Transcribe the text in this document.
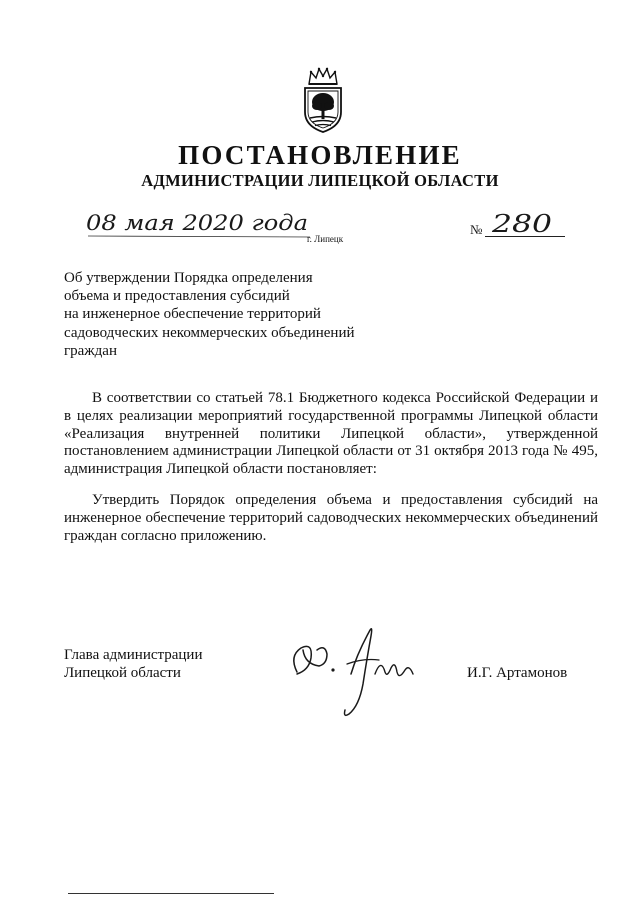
ПОСТАНОВЛЕНИЕ
АДМИНИСТРАЦИИ ЛИПЕЦКОЙ ОБЛАСТИ
08 мая 2020 года
г. Липецк
№ 280
Об утверждении Порядка определения
объема и предоставления субсидий
на инженерное обеспечение территорий
садоводческих некоммерческих объединений
граждан

В соответствии со статьей 78.1 Бюджетного кодекса Российской Федерации и в целях реализации мероприятий государственной программы Липецкой области «Реализация внутренней политики Липецкой области», утвержденной постановлением администрации Липецкой области от 31 октября 2013 года № 495, администрация Липецкой области постановляет:

Утвердить Порядок определения объема и предоставления субсидий на инженерное обеспечение территорий садоводческих некоммерческих объединений граждан согласно приложению.

Глава администрации
Липецкой области	И.Г. Артамонов
